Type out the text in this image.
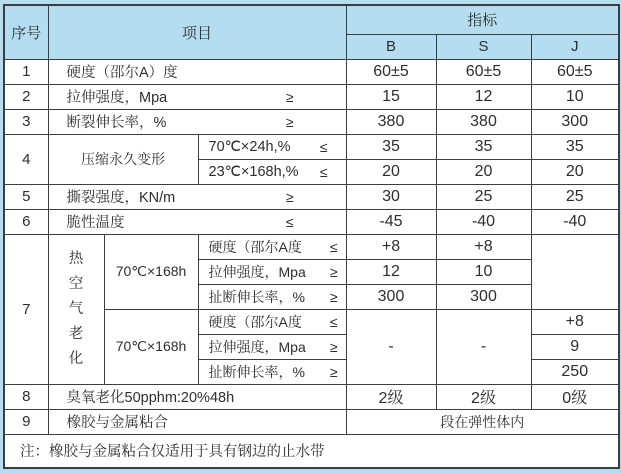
序号	项目			指标		
				B	S	J
1	硬度（邵尔A）度			60±5	60±5	60±5
2	拉伸强度，Mpa ≥			15	12	10
3	断裂伸长率，% ≥			380	380	300
4	压缩永久变形		70℃×24h,% ≤	35	35	35
			23℃×168h,% ≤	20	20	20
5	撕裂强度，KN/m ≥			30	25	25
6	脆性温度 ≤			-45	-40	-40
7	热空气老化	70℃×168h	硬度（邵尔A度 ≤	+8	+8	
			拉伸强度，Mpa ≥	12	10	
			扯断伸长率，% ≥	300	300	
		70℃×168h	硬度（邵尔A度 ≤	-	-	+8
			拉伸强度，Mpa ≥			9
			扯断伸长率，% ≥			250
8	臭氧老化50pphm:20%48h			2级	2级	0级
9	橡胶与金属粘合			段在弹性体内		
注：橡胶与金属粘合仅适用于具有钢边的止水带						
